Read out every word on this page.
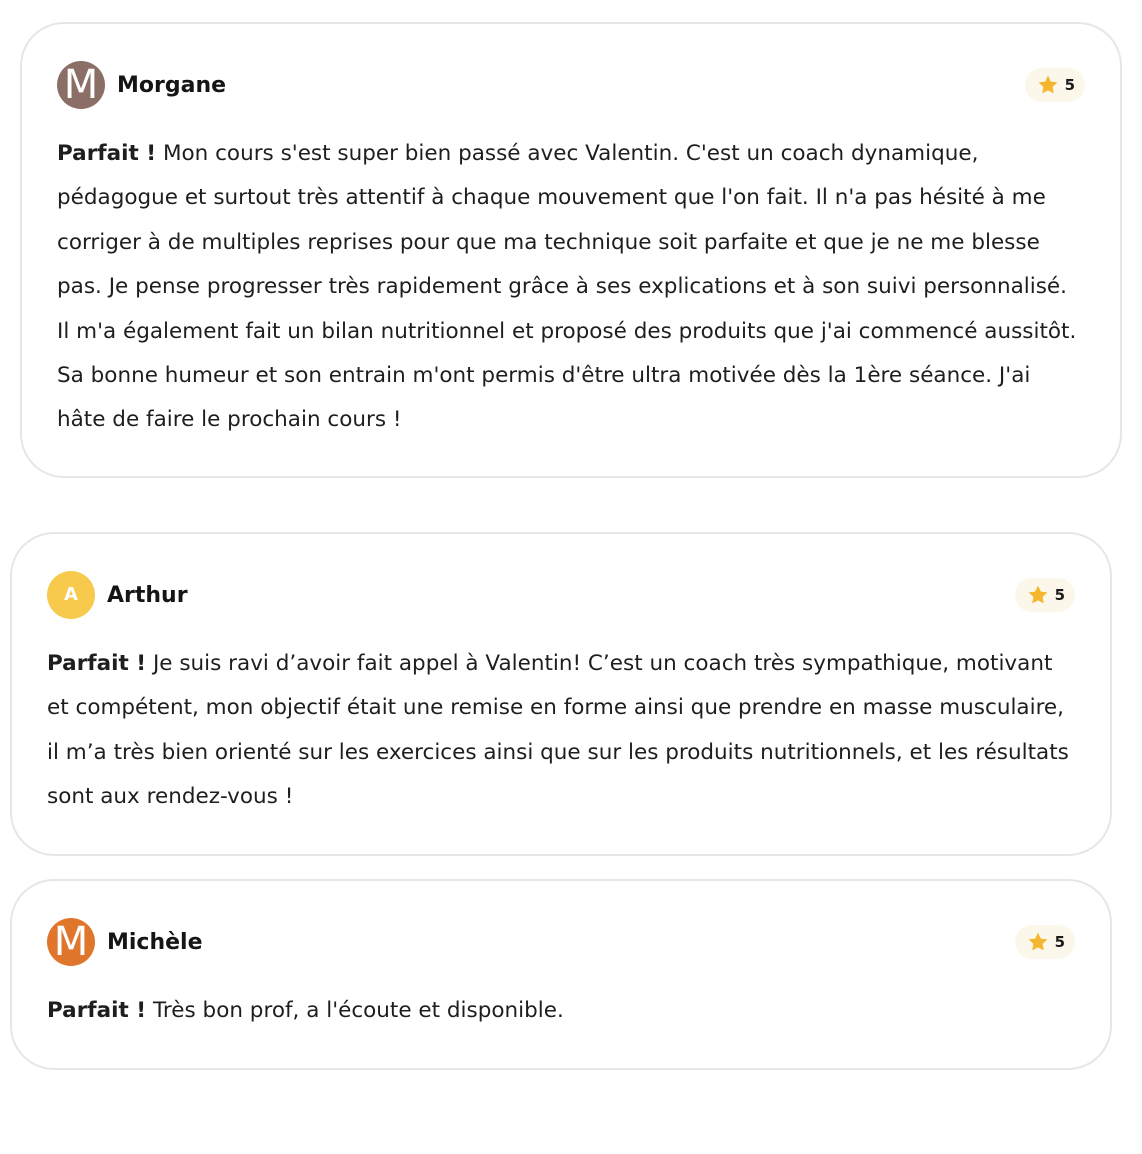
M Morgane	5

Parfait ! Mon cours s'est super bien passé avec Valentin. C'est un coach dynamique, pédagogue et surtout très attentif à chaque mouvement que l'on fait. Il n'a pas hésité à me corriger à de multiples reprises pour que ma technique soit parfaite et que je ne me blesse pas. Je pense progresser très rapidement grâce à ses explications et à son suivi personnalisé. Il m'a également fait un bilan nutritionnel et proposé des produits que j'ai commencé aussitôt. Sa bonne humeur et son entrain m'ont permis d'être ultra motivée dès la 1ère séance. J'ai hâte de faire le prochain cours !

A Arthur	5

Parfait ! Je suis ravi d’avoir fait appel à Valentin! C’est un coach très sympathique, motivant et compétent, mon objectif était une remise en forme ainsi que prendre en masse musculaire, il m’a très bien orienté sur les exercices ainsi que sur les produits nutritionnels, et les résultats sont aux rendez-vous !

M Michèle	5

Parfait ! Très bon prof, a l'écoute et disponible.
